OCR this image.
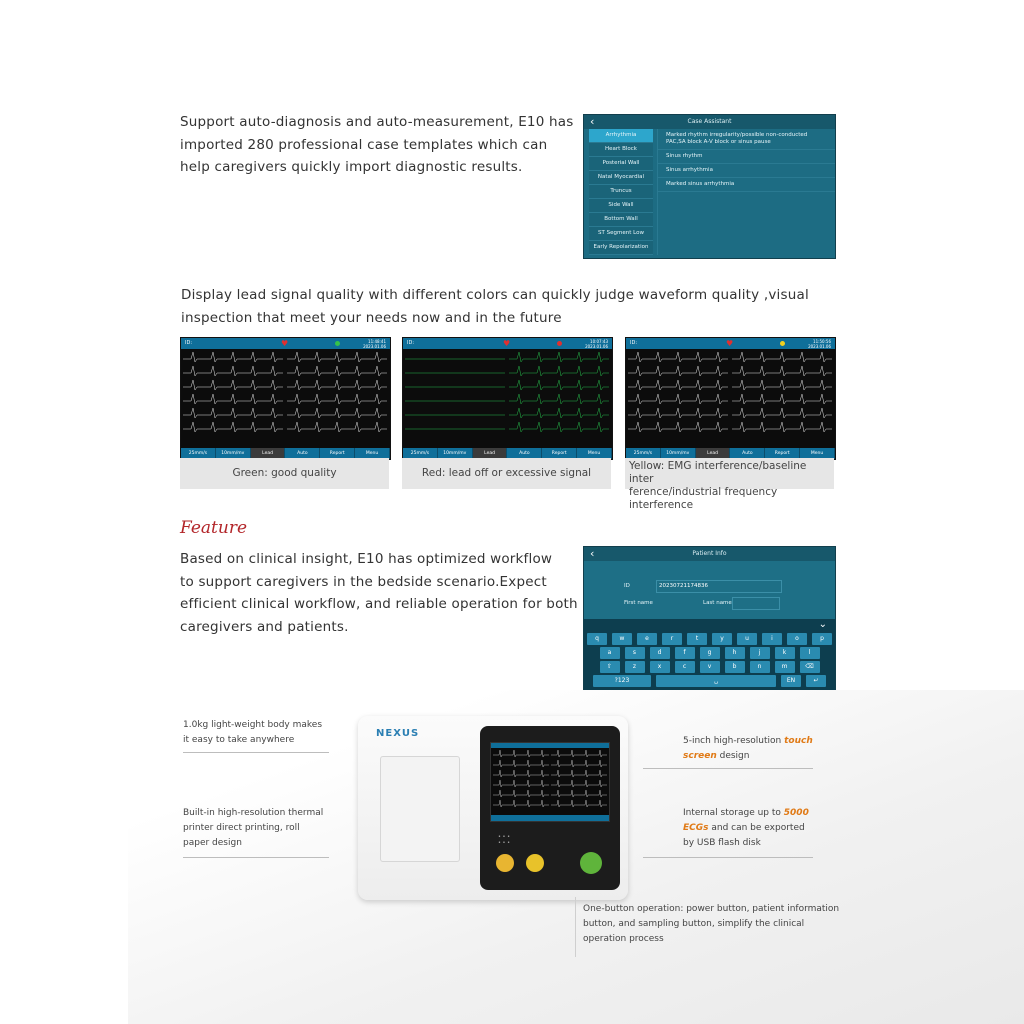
Support auto-diagnosis and auto-measurement, E10 has
imported 280 professional case templates which can
help caregivers quickly import diagnostic results.
‹	Case Assistant
Arrhythmia
Heart Block
Posterial Wall
Natal Myocardial
Truncus
Side Wall
Bottom Wall
ST Segment Low
Early Repolarization
Marked rhythm irregularity/possible non-conducted PAC,SA block A-V block or sinus pause
Sinus rhythm
Sinus arrhythmia
Marked sinus arrhythmia
Display lead signal quality with different colors can quickly judge waveform quality ,visual
inspection that meet your needs now and in the future
ID:	♥	11:48:41
2023.01.06
25mm/s	10mm/mv	Lead	Auto	Report	Menu
Green: good quality
ID:	♥	10:07:43
2023.01.06
25mm/s	10mm/mv	Lead	Auto	Report	Menu
Red: lead off or excessive signal
ID:	♥	11:50:56
2023.01.06
25mm/s	10mm/mv	Lead	Auto	Report	Menu
Yellow: EMG interference/baseline inter
ference/industrial frequency interference
Feature
Based on clinical insight, E10 has optimized workflow
to support caregivers in the bedside scenario.Expect
efficient clinical workflow, and reliable operation for both
caregivers and patients.
‹	Patient Info
ID	20230721174836
First name	Last name
⌄
q	w	e	r	t	y	u	i	o	p
a	s	d	f	g	h	j	k	l
⇧	z	x	c	v	b	n	m	⌫
?123	␣	EN	↵
NEXUS
• • •
• • •
1.0kg light-weight body makes
it easy to take anywhere
Built-in high-resolution thermal
printer direct printing, roll
paper design
5-inch high-resolution touch
screen design
Internal storage up to 5000
ECGs and can be exported
by USB flash disk
One-button operation: power button, patient information
button, and sampling button, simplify the clinical
operation process
